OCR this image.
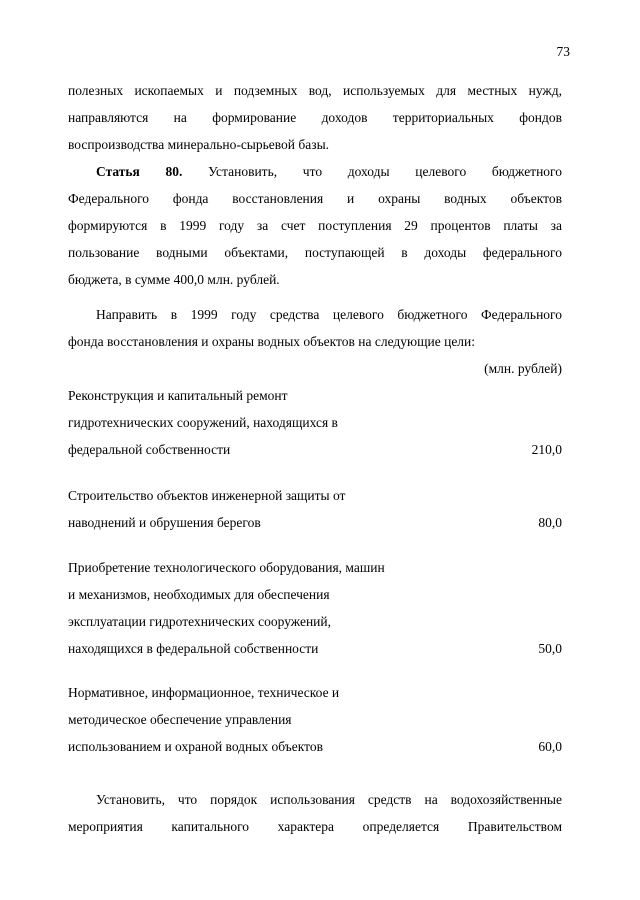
73
полезных ископаемых и подземных вод, используемых для местных нужд,
направляются на формирование доходов территориальных фондов
воспроизводства минерально-сырьевой базы.
Статья 80. Установить, что доходы целевого бюджетного
Федерального фонда восстановления и охраны водных объектов
формируются в 1999 году за счет поступления 29 процентов платы за
пользование водными объектами, поступающей в доходы федерального
бюджета, в сумме 400,0 млн. рублей.
Направить в 1999 году средства целевого бюджетного Федерального
фонда восстановления и охраны водных объектов на следующие цели:
(млн. рублей)
Реконструкция и капитальный ремонт
гидротехнических сооружений, находящихся в
федеральной собственности	210,0
Строительство объектов инженерной защиты от
наводнений и обрушения берегов	80,0
Приобретение технологического оборудования, машин
и механизмов, необходимых для обеспечения
эксплуатации гидротехнических сооружений,
находящихся в федеральной собственности	50,0
Нормативное, информационное, техническое и
методическое обеспечение управления
использованием и охраной водных объектов	60,0
Установить, что порядок использования средств на водохозяйственные
мероприятия капитального характера определяется Правительством
